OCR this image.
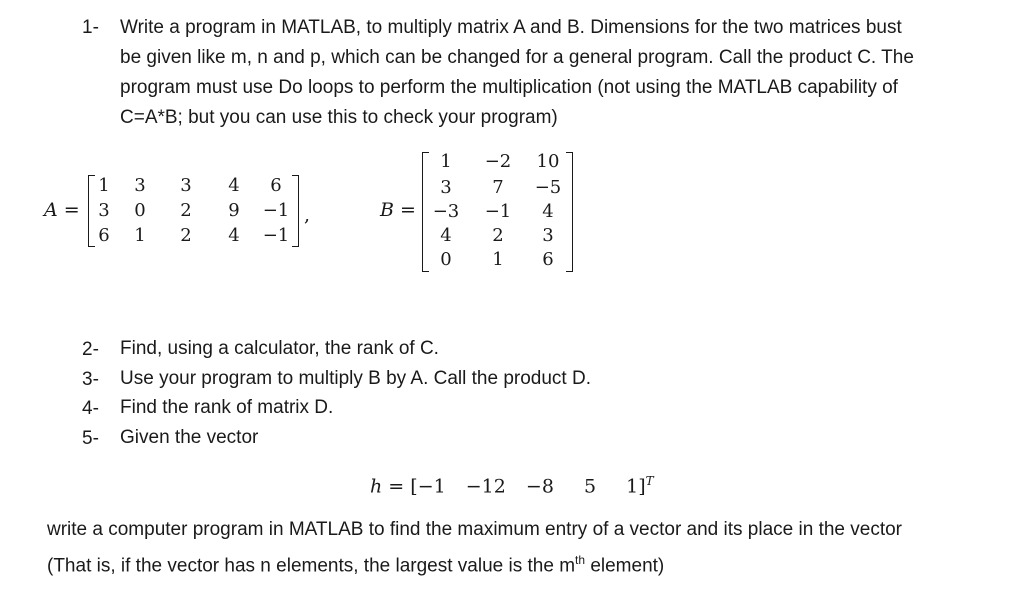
1- Write a program in MATLAB, to multiply matrix A and B. Dimensions for the two matrices bust
be given like m, n and p, which can be changed for a general program. Call the product C. The
program must use Do loops to perform the multiplication (not using the MATLAB capability of
C=A*B; but you can use this to check your program)
A =
1	3	3	4	6
3	0	2	9	−1
6	1	2	4	−1
,	B =
1	−2	10
3	7	−5
−3	−1	4
4	2	3
0	1	6
2- Find, using a calculator, the rank of C.
3- Use your program to multiply B by A. Call the product D.
4- Find the rank of matrix D.
5- Given the vector
h = [−1 −12 −8 5 1]$^T$
write a computer program in MATLAB to find the maximum entry of a vector and its place in the vector
(That is, if the vector has n elements, the largest value is the $m^{th}$ element)
